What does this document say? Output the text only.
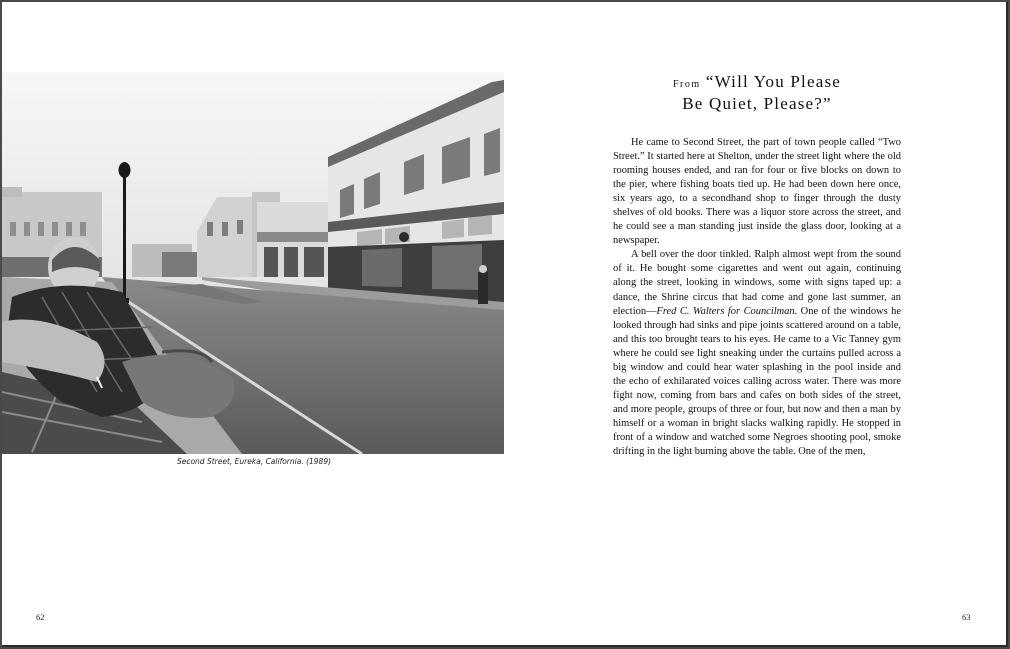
Second Street, Eureka, California. (1989)
From “Will You Please
Be Quiet, Please?”

He came to Second Street, the part of town people called “Two Street.” It started here at Shelton, under the street light where the old rooming houses ended, and ran for four or five blocks on down to the pier, where fishing boats tied up. He had been down here once, six years ago, to a secondhand shop to finger through the dusty shelves of old books. There was a liquor store across the street, and he could see a man standing just inside the glass door, looking at a newspaper.

A bell over the door tinkled. Ralph almost wept from the sound of it. He bought some cigarettes and went out again, continuing along the street, looking in windows, some with signs taped up: a dance, the Shrine circus that had come and gone last summer, an election—Fred C. Walters for Councilman. One of the windows he looked through had sinks and pipe joints scattered around on a table, and this too brought tears to his eyes. He came to a Vic Tanney gym where he could see light sneaking under the curtains pulled across a big window and could hear water splashing in the pool inside and the echo of exhilarated voices calling across water. There was more fight now, coming from bars and cafes on both sides of the street, and more people, groups of three or four, but now and then a man by himself or a woman in bright slacks walking rapidly. He stopped in front of a window and watched some Negroes shooting pool, smoke drifting in the light burning above the table. One of the men,

62	63
